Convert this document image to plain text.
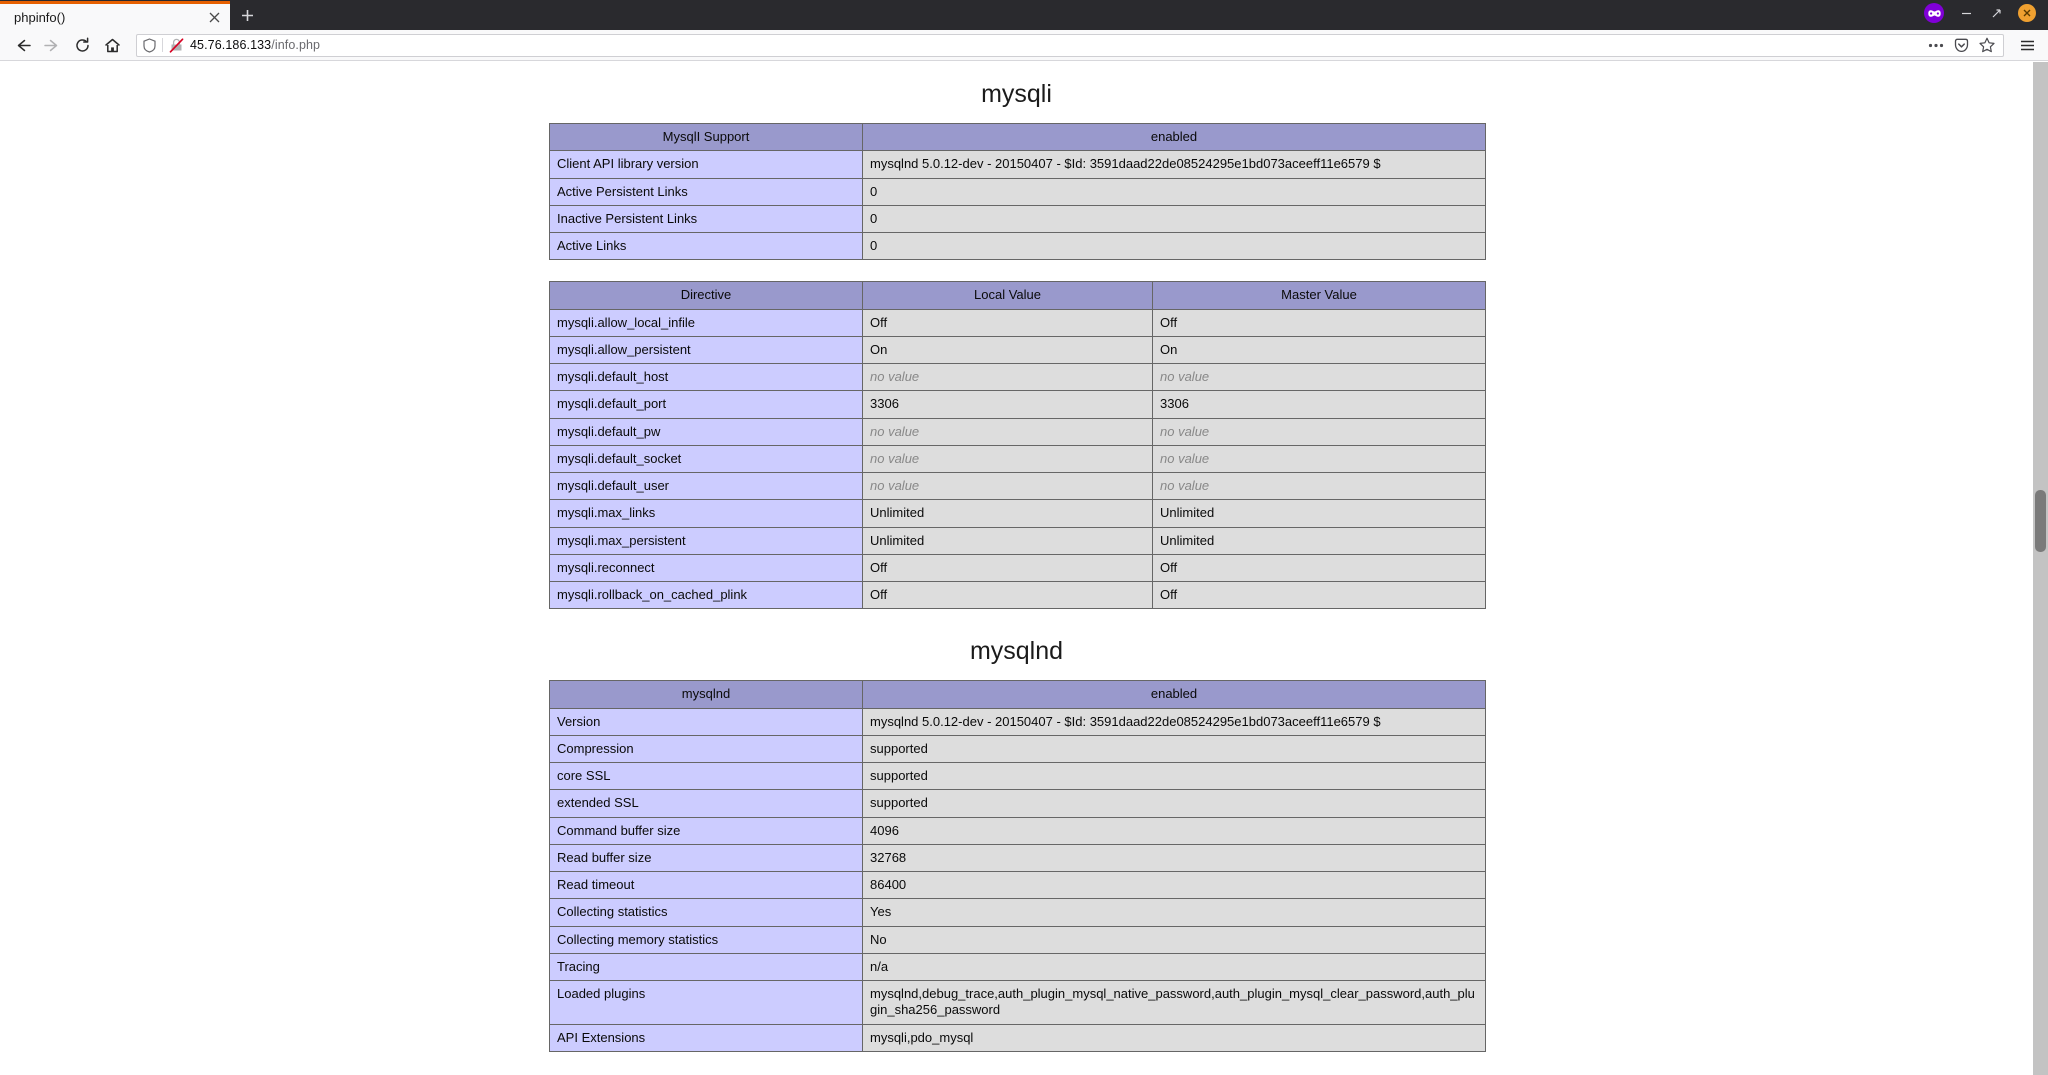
phpinfo()
45.76.186.133/info.php
mysqli
MysqlI Support	enabled
Client API library version	mysqlnd 5.0.12-dev - 20150407 - $Id: 3591daad22de08524295e1bd073aceeff11e6579 $
Active Persistent Links	0
Inactive Persistent Links	0
Active Links	0
Directive	Local Value	Master Value
mysqli.allow_local_infile	Off	Off
mysqli.allow_persistent	On	On
mysqli.default_host	no value	no value
mysqli.default_port	3306	3306
mysqli.default_pw	no value	no value
mysqli.default_socket	no value	no value
mysqli.default_user	no value	no value
mysqli.max_links	Unlimited	Unlimited
mysqli.max_persistent	Unlimited	Unlimited
mysqli.reconnect	Off	Off
mysqli.rollback_on_cached_plink	Off	Off
mysqlnd
mysqlnd	enabled
Version	mysqlnd 5.0.12-dev - 20150407 - $Id: 3591daad22de08524295e1bd073aceeff11e6579 $
Compression	supported
core SSL	supported
extended SSL	supported
Command buffer size	4096
Read buffer size	32768
Read timeout	86400
Collecting statistics	Yes
Collecting memory statistics	No
Tracing	n/a
Loaded plugins	mysqlnd,debug_trace,auth_plugin_mysql_native_password,auth_plugin_mysql_clear_password,auth_plugin_sha256_password
API Extensions	mysqli,pdo_mysql
